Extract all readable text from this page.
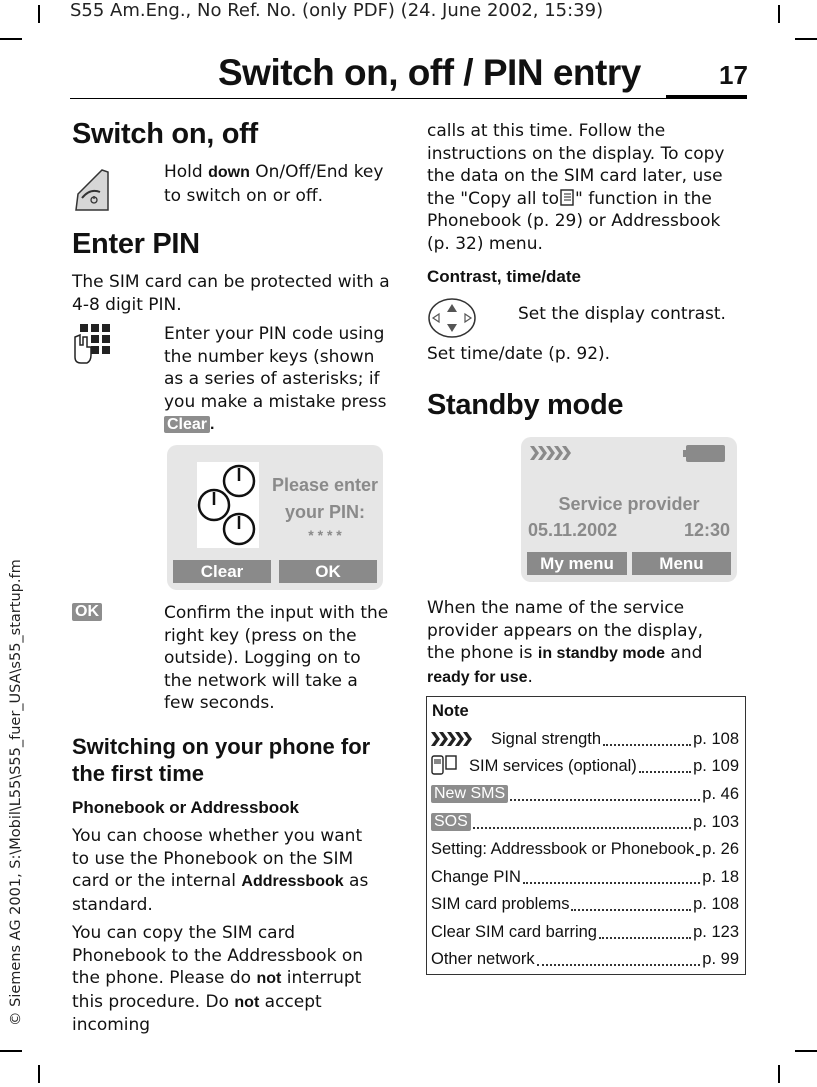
S55 Am.Eng., No Ref. No. (only PDF) (24. June 2002, 15:39)
© Siemens AG 2001, S:\Mobil\L55\S55_fuer_USA\s55_startup.fm
Switch on, off / PIN entry	17
Switch on, off
Hold down On/Off/End key to switch on or off.
Enter PIN
The SIM card can be protected with a 4-8 digit PIN.
Enter your PIN code using the number keys (shown as a series of asterisks; if you make a mistake press Clear .
Please enter
your PIN:
* * * *
Clear	OK
OK	Confirm the input with the right key (press on the outside). Logging on to the network will take a few seconds.
Switching on your phone for the first time
Phonebook or Addressbook
You can choose whether you want to use the Phonebook on the SIM card or the internal Addressbook as standard.
You can copy the SIM card Phonebook to the Addressbook on the phone. Please do not interrupt this procedure. Do not accept incoming
calls at this time. Follow the instructions on the display. To copy the data on the SIM card later, use the "Copy all to " function in the Phonebook (p. 29) or Addressbook (p. 32) menu.
Contrast, time/date
Set the display contrast.
Set time/date (p. 92).
Standby mode
Service provider
05.11.2002	12:30
My menu	Menu
When the name of the service provider appears on the display, the phone is in standby mode and ready for use.
Note
Signal strength	p. 108
SIM services (optional)	p. 109
New SMS	p. 46
SOS	p. 103
Setting: Addressbook or Phonebook p. 26
Change PIN	p. 18
SIM card problems	p. 108
Clear SIM card barring	p. 123
Other network	p. 99
